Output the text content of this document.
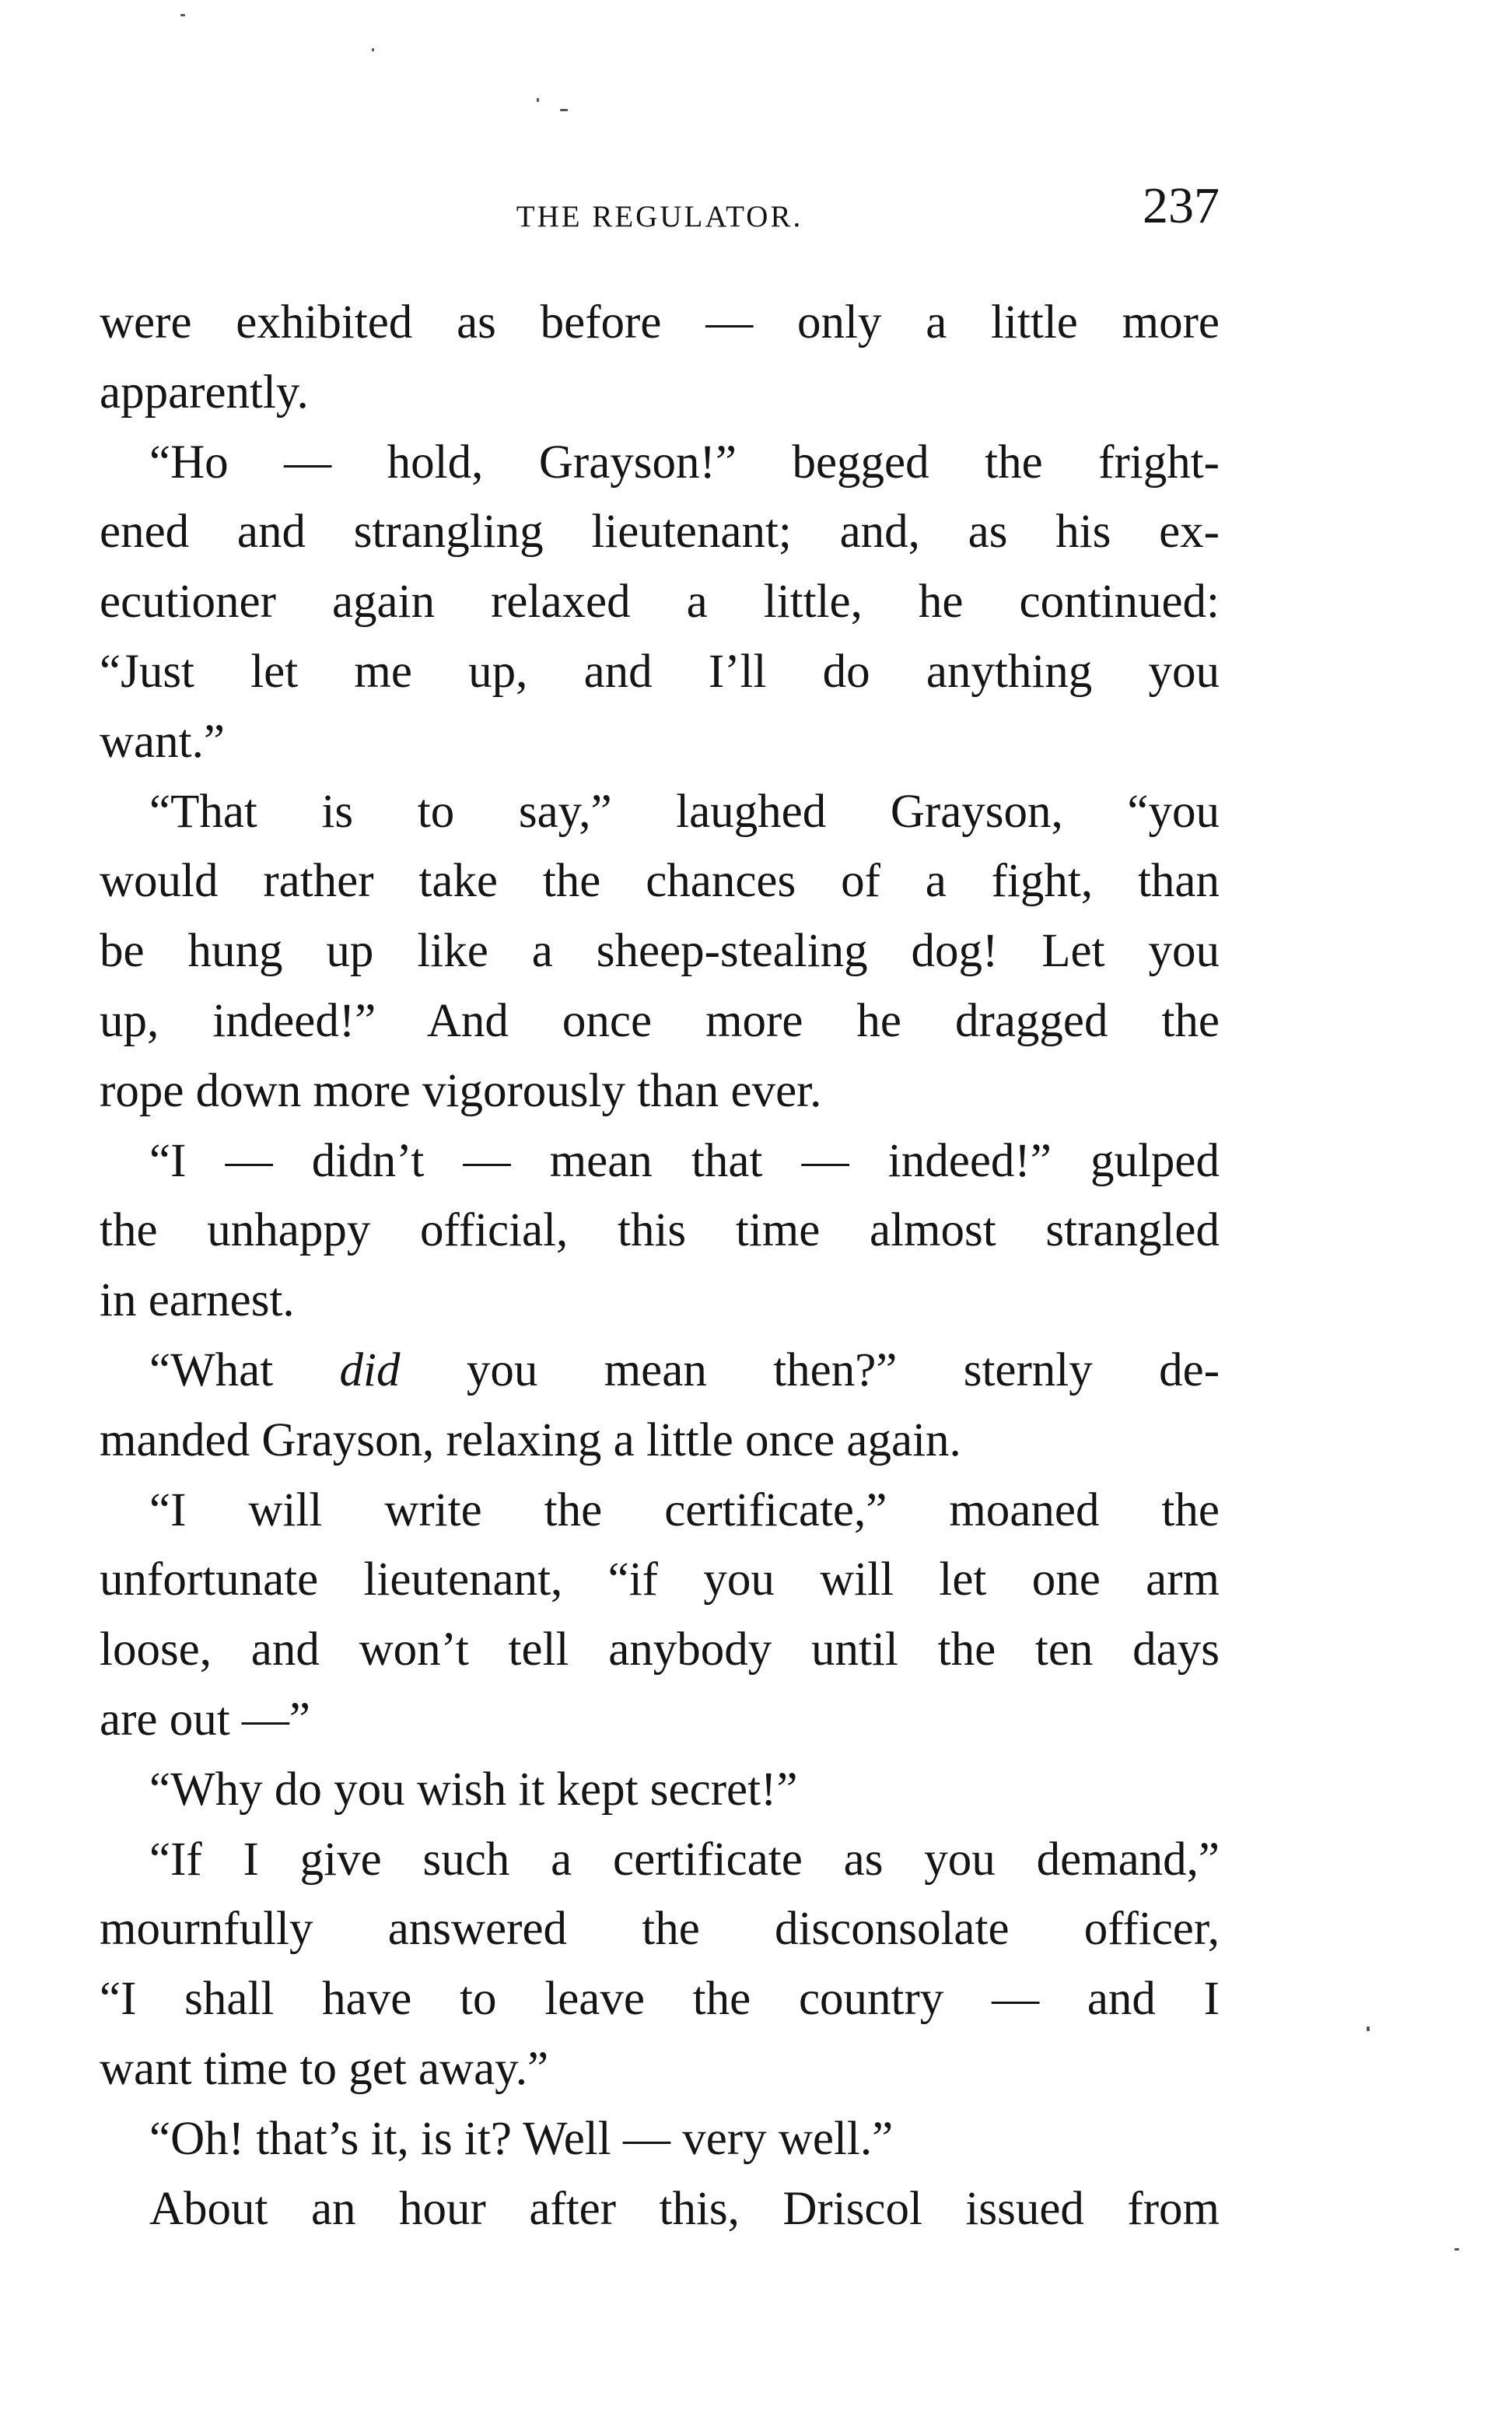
THE REGULATOR.	237
were exhibited as before — only a little more
apparently.
“Ho — hold, Grayson!” begged the fright-
ened and strangling lieutenant; and, as his ex-
ecutioner again relaxed a little, he continued:
“Just let me up, and I’ll do anything you
want.”
“That is to say,” laughed Grayson, “you
would rather take the chances of a fight, than
be hung up like a sheep-stealing dog! Let you
up, indeed!” And once more he dragged the
rope down more vigorously than ever.
“I — didn’t — mean that — indeed!” gulped
the unhappy official, this time almost strangled
in earnest.
“What did you mean then?” sternly de-
manded Grayson, relaxing a little once again.
“I will write the certificate,” moaned the
unfortunate lieutenant, “if you will let one arm
loose, and won’t tell anybody until the ten days
are out —”
“Why do you wish it kept secret!”
“If I give such a certificate as you demand,”
mournfully answered the disconsolate officer,
“I shall have to leave the country — and I
want time to get away.”
“Oh! that’s it, is it? Well — very well.”
About an hour after this, Driscol issued from
